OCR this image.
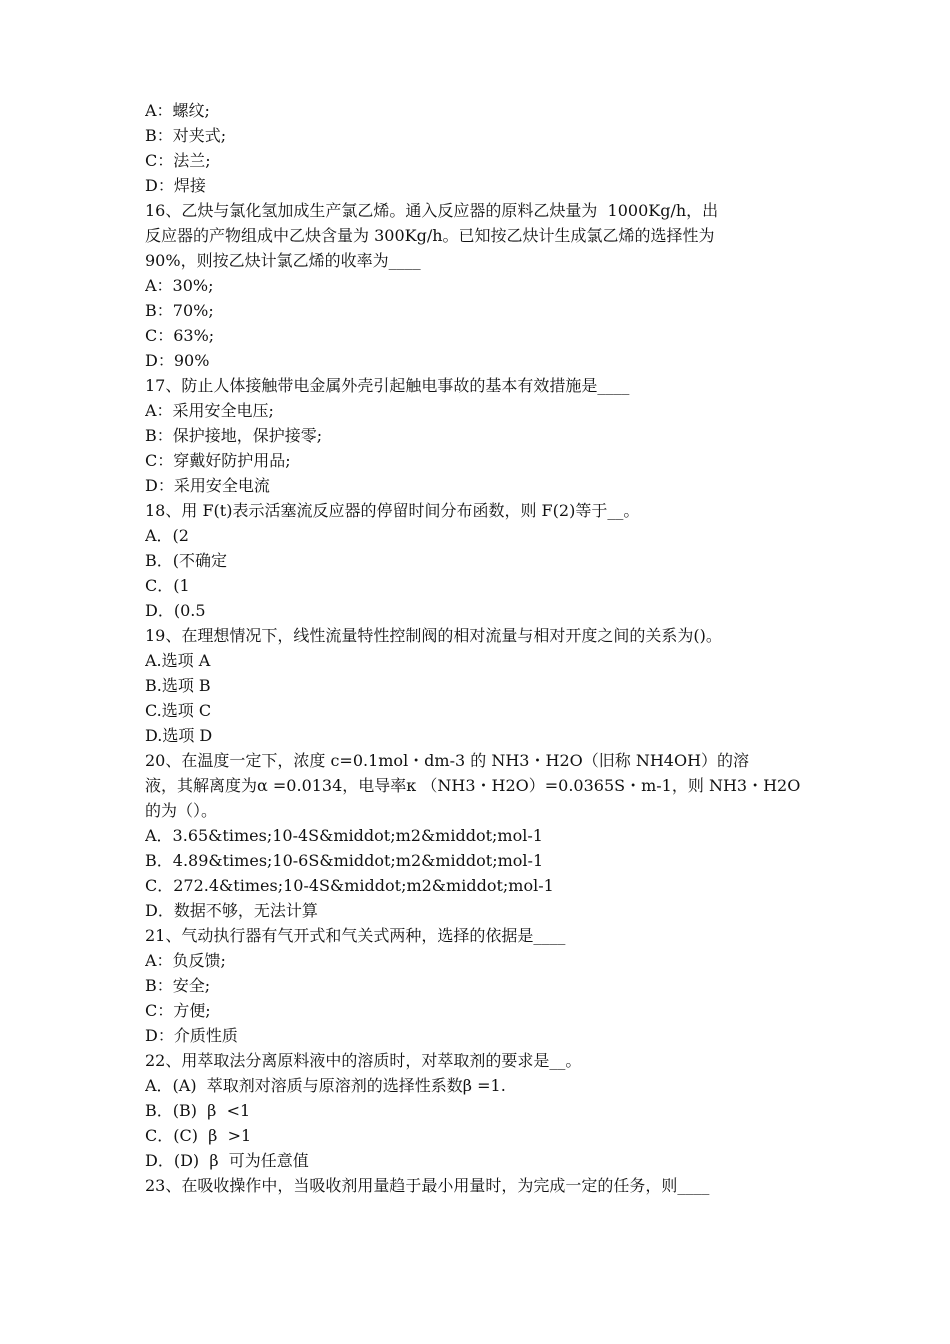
A：螺纹;
B：对夹式;
C：法兰;
D：焊接
16、乙炔与氯化氢加成生产氯乙烯。通入反应器的原料乙炔量为  1000Kg/h，出
反应器的产物组成中乙炔含量为 300Kg/h。已知按乙炔计生成氯乙烯的选择性为
90%，则按乙炔计氯乙烯的收率为____
A：30%;
B：70%;
C：63%;
D：90%
17、防止人体接触带电金属外壳引起触电事故的基本有效措施是____
A：采用安全电压;
B：保护接地，保护接零;
C：穿戴好防护用品;
D：采用安全电流
18、用 F(t)表示活塞流反应器的停留时间分布函数，则 F(2)等于__。
A．(2
B．(不确定
C．(1
D．(0.5
19、在理想情况下，线性流量特性控制阀的相对流量与相对开度之间的关系为()。
A.选项 A
B.选项 B
C.选项 C
D.选项 D
20、在温度一定下，浓度 c=0.1mol・dm-3 的 NH3・H2O（旧称 NH4OH）的溶
液，其解离度为α =0.0134，电导率κ （NH3・H2O）=0.0365S・m-1，则 NH3・H2O
的为（）。
A．3.65&times;10-4S&middot;m2&middot;mol-1
B．4.89&times;10-6S&middot;m2&middot;mol-1
C．272.4&times;10-4S&middot;m2&middot;mol-1
D．数据不够，无法计算
21、气动执行器有气开式和气关式两种，选择的依据是____
A：负反馈;
B：安全;
C：方便;
D：介质性质
22、用萃取法分离原料液中的溶质时，对萃取剂的要求是__。
A．(A)  萃取剂对溶质与原溶剂的选择性系数β =1.
B．(B)  β  <1
C．(C)  β  >1
D．(D)  β  可为任意值
23、在吸收操作中，当吸收剂用量趋于最小用量时，为完成一定的任务，则____
